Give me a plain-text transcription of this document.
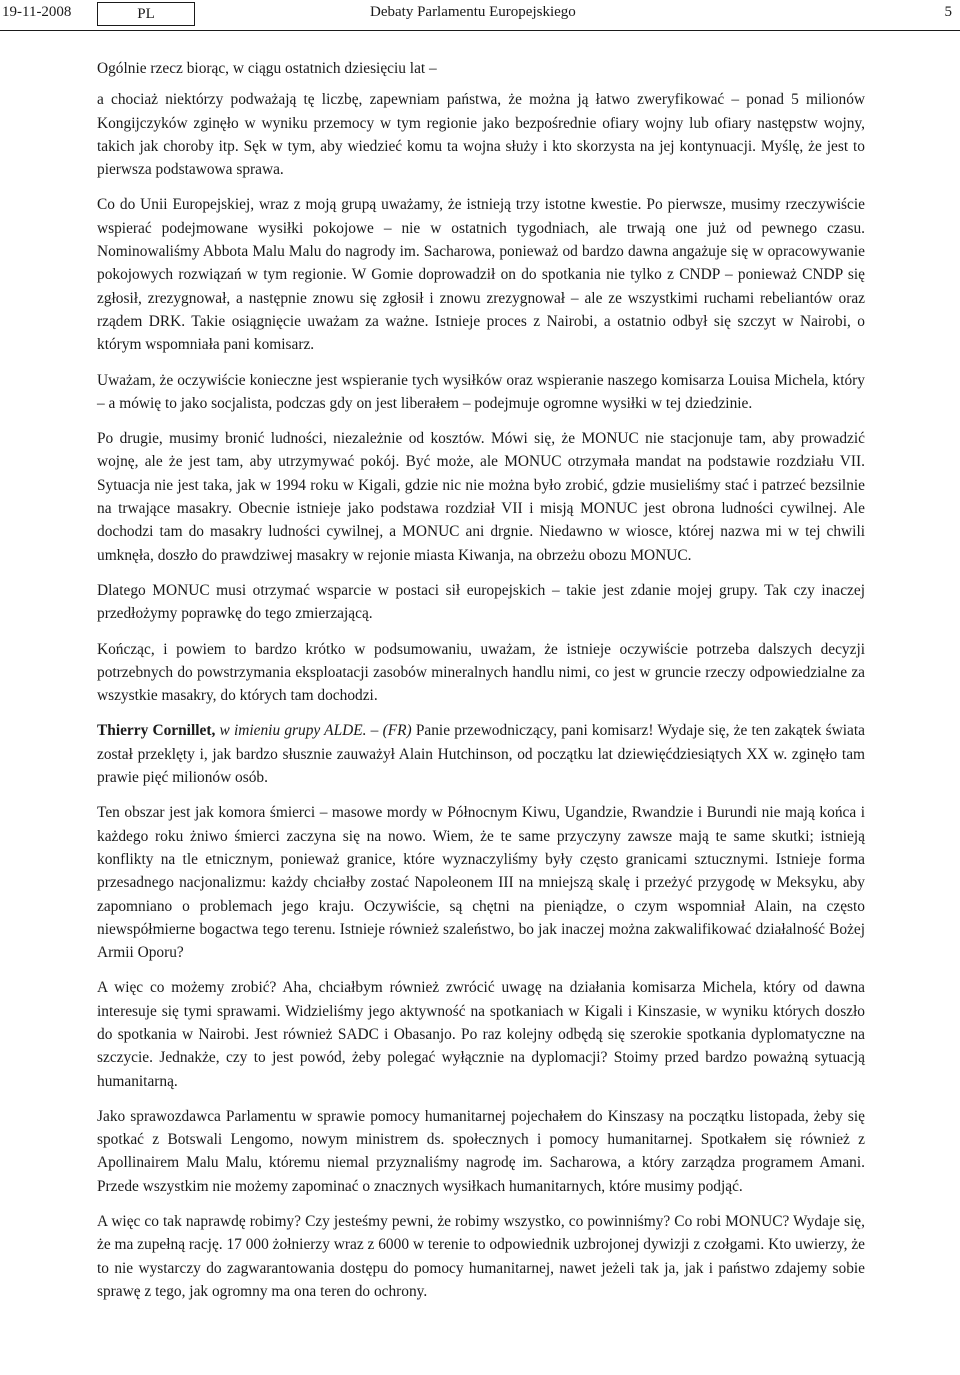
19-11-2008	PL	Debaty Parlamentu Europejskiego	5

Ogólnie rzecz biorąc, w ciągu ostatnich dziesięciu lat –

a chociaż niektórzy podważają tę liczbę, zapewniam państwa, że można ją łatwo zweryfikować – ponad 5 milionów Kongijczyków zginęło w wyniku przemocy w tym regionie jako bezpośrednie ofiary wojny lub ofiary następstw wojny, takich jak choroby itp. Sęk w tym, aby wiedzieć komu ta wojna służy i kto skorzysta na jej kontynuacji. Myślę, że jest to pierwsza podstawowa sprawa.

Co do Unii Europejskiej, wraz z moją grupą uważamy, że istnieją trzy istotne kwestie. Po pierwsze, musimy rzeczywiście wspierać podejmowane wysiłki pokojowe – nie w ostatnich tygodniach, ale trwają one już od pewnego czasu. Nominowaliśmy Abbota Malu Malu do nagrody im. Sacharowa, ponieważ od bardzo dawna angażuje się w opracowywanie pokojowych rozwiązań w tym regionie. W Gomie doprowadził on do spotkania nie tylko z CNDP – ponieważ CNDP się zgłosił, zrezygnował, a następnie znowu się zgłosił i znowu zrezygnował – ale ze wszystkimi ruchami rebeliantów oraz rządem DRK. Takie osiągnięcie uważam za ważne. Istnieje proces z Nairobi, a ostatnio odbył się szczyt w Nairobi, o którym wspomniała pani komisarz.

Uważam, że oczywiście konieczne jest wspieranie tych wysiłków oraz wspieranie naszego komisarza Louisa Michela, który – a mówię to jako socjalista, podczas gdy on jest liberałem – podejmuje ogromne wysiłki w tej dziedzinie.

Po drugie, musimy bronić ludności, niezależnie od kosztów. Mówi się, że MONUC nie stacjonuje tam, aby prowadzić wojnę, ale że jest tam, aby utrzymywać pokój. Być może, ale MONUC otrzymała mandat na podstawie rozdziału VII. Sytuacja nie jest taka, jak w 1994 roku w Kigali, gdzie nic nie można było zrobić, gdzie musieliśmy stać i patrzeć bezsilnie na trwające masakry. Obecnie istnieje jako podstawa rozdział VII i misją MONUC jest obrona ludności cywilnej. Ale dochodzi tam do masakry ludności cywilnej, a MONUC ani drgnie. Niedawno w wiosce, której nazwa mi w tej chwili umknęła, doszło do prawdziwej masakry w rejonie miasta Kiwanja, na obrzeżu obozu MONUC.

Dlatego MONUC musi otrzymać wsparcie w postaci sił europejskich – takie jest zdanie mojej grupy. Tak czy inaczej przedłożymy poprawkę do tego zmierzającą.

Kończąc, i powiem to bardzo krótko w podsumowaniu, uważam, że istnieje oczywiście potrzeba dalszych decyzji potrzebnych do powstrzymania eksploatacji zasobów mineralnych handlu nimi, co jest w gruncie rzeczy odpowiedzialne za wszystkie masakry, do których tam dochodzi.

Thierry Cornillet, w imieniu grupy ALDE. – (FR) Panie przewodniczący, pani komisarz! Wydaje się, że ten zakątek świata został przeklęty i, jak bardzo słusznie zauważył Alain Hutchinson, od początku lat dziewięćdziesiątych XX w. zginęło tam prawie pięć milionów osób.

Ten obszar jest jak komora śmierci – masowe mordy w Północnym Kiwu, Ugandzie, Rwandzie i Burundi nie mają końca i każdego roku żniwo śmierci zaczyna się na nowo. Wiem, że te same przyczyny zawsze mają te same skutki; istnieją konflikty na tle etnicznym, ponieważ granice, które wyznaczyliśmy były często granicami sztucznymi. Istnieje forma przesadnego nacjonalizmu: każdy chciałby zostać Napoleonem III na mniejszą skalę i przeżyć przygodę w Meksyku, aby zapomniano o problemach jego kraju. Oczywiście, są chętni na pieniądze, o czym wspomniał Alain, na często niewspółmierne bogactwa tego terenu. Istnieje również szaleństwo, bo jak inaczej można zakwalifikować działalność Bożej Armii Oporu?

A więc co możemy zrobić? Aha, chciałbym również zwrócić uwagę na działania komisarza Michela, który od dawna interesuje się tymi sprawami. Widzieliśmy jego aktywność na spotkaniach w Kigali i Kinszasie, w wyniku których doszło do spotkania w Nairobi. Jest również SADC i Obasanjo. Po raz kolejny odbędą się szerokie spotkania dyplomatyczne na szczycie. Jednakże, czy to jest powód, żeby polegać wyłącznie na dyplomacji? Stoimy przed bardzo poważną sytuacją humanitarną.

Jako sprawozdawca Parlamentu w sprawie pomocy humanitarnej pojechałem do Kinszasy na początku listopada, żeby się spotkać z Botswali Lengomo, nowym ministrem ds. społecznych i pomocy humanitarnej. Spotkałem się również z Apollinairem Malu Malu, któremu niemal przyznaliśmy nagrodę im. Sacharowa, a który zarządza programem Amani. Przede wszystkim nie możemy zapominać o znacznych wysiłkach humanitarnych, które musimy podjąć.

A więc co tak naprawdę robimy? Czy jesteśmy pewni, że robimy wszystko, co powinniśmy? Co robi MONUC? Wydaje się, że ma zupełną rację. 17 000 żołnierzy wraz z 6000 w terenie to odpowiednik uzbrojonej dywizji z czołgami. Kto uwierzy, że to nie wystarczy do zagwarantowania dostępu do pomocy humanitarnej, nawet jeżeli tak ja, jak i państwo zdajemy sobie sprawę z tego, jak ogromny ma ona teren do ochrony.
